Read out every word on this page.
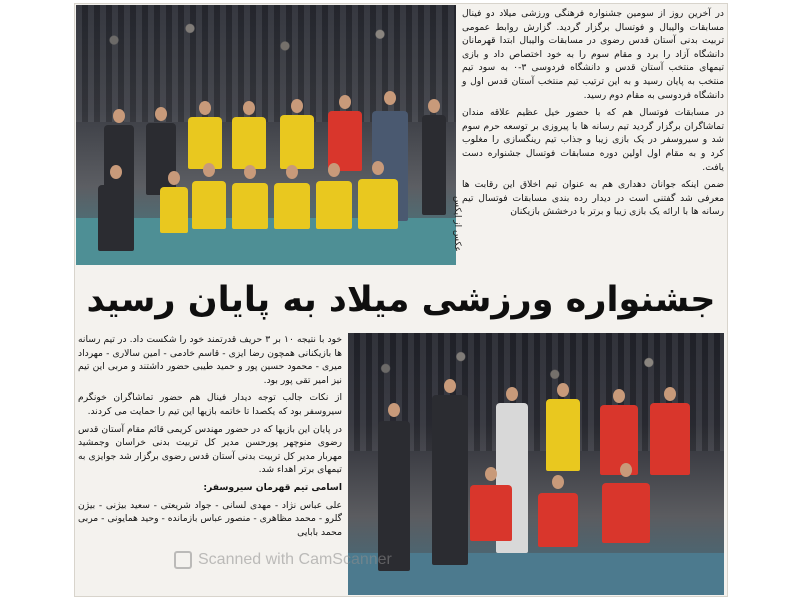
عکس از ایکس

در آخرین روز از سومین جشنواره فرهنگی ورزشی میلاد دو فینال مسابقات والیبال و فوتسال برگزار گردید. گزارش روابط عمومی تربیت بدنی آستان قدس رضوی در مسابقات والیبال ابتدا قهرمانان دانشگاه آزاد را برد و مقام سوم را به خود اختصاص داد و بازی تیمهای منتخب آستان قدس و دانشگاه فردوسی ۳-۰ به سود تیم منتخب به پایان رسید و به این ترتیب تیم منتخب آستان قدس اول و دانشگاه فردوسی به مقام دوم رسید.

در مسابقات فوتسال هم که با حضور خیل عظیم علاقه مندان تماشاگران برگزار گردید تیم رسانه ها با پیروزی بر توسعه حرم سوم شد و سیروسفر در یک بازی زیبا و جذاب تیم رینگسازی را مغلوب کرد و به مقام اول اولین دوره مسابقات فوتسال جشنواره دست یافت.

ضمن اینکه جوانان دهداری هم به عنوان تیم اخلاق این رقابت ها معرفی شد گفتنی است در دیدار رده بندی مسابقات فوتسال تیم رسانه ها با ارائه یک بازی زیبا و برتر با درخشش بازیکنان

جشنواره ورزشی میلاد به پایان رسید

خود با نتیجه ۱۰ بر ۳ حریف قدرتمند خود را شکست داد. در تیم رسانه ها بازیکنانی همچون رضا ایزی - قاسم خادمی - امین سالاری - مهرداد میری - محمود حسین پور و حمید طیبی حضور داشتند و مربی این تیم نیز امیر تقی پور بود.

از نکات جالب توجه دیدار فینال هم حضور تماشاگران خونگرم سیروسفر بود که یکصدا تا خاتمه بازیها این تیم را حمایت می کردند.

در پایان این بازیها که در حضور مهندس کریمی قائم مقام آستان قدس رضوی منوچهر پورحسن مدیر کل تربیت بدنی خراسان وجمشید مهربار مدیر کل تربیت بدنی آستان قدس رضوی برگزار شد جوایزی به تیمهای برتر اهداء شد.

اسامی تیم قهرمان سیروسفر:

علی عباس نژاد - مهدی لسانی - جواد شریعتی - سعید بیژنی - بیژن گلرو - محمد مظاهری - منصور عباس بازمانده - وحید همایونی - مربی محمد بابایی

Scanned with CamScanner
